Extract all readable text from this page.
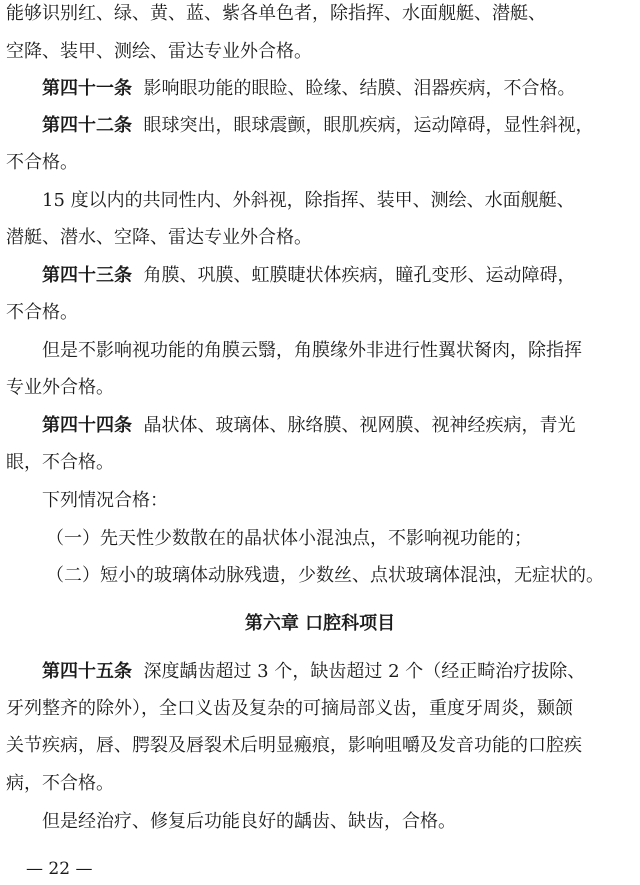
能够识别红、绿、黄、蓝、紫各单色者，除指挥、水面舰艇、潜艇、
空降、装甲、测绘、雷达专业外合格。
第四十一条 影响眼功能的眼睑、睑缘、结膜、泪器疾病，不合格。
第四十二条 眼球突出，眼球震颤，眼肌疾病，运动障碍，显性斜视，
不合格。
15 度以内的共同性内、外斜视，除指挥、装甲、测绘、水面舰艇、
潜艇、潜水、空降、雷达专业外合格。
第四十三条 角膜、巩膜、虹膜睫状体疾病，瞳孔变形、运动障碍，
不合格。
但是不影响视功能的角膜云翳，角膜缘外非进行性翼状胬肉，除指挥
专业外合格。
第四十四条 晶状体、玻璃体、脉络膜、视网膜、视神经疾病，青光
眼，不合格。
下列情况合格：
（一）先天性少数散在的晶状体小混浊点，不影响视功能的；
（二）短小的玻璃体动脉残遗，少数丝、点状玻璃体混浊，无症状的。
第六章 口腔科项目
第四十五条 深度龋齿超过 3 个，缺齿超过 2 个（经正畸治疗拔除、
牙列整齐的除外），全口义齿及复杂的可摘局部义齿，重度牙周炎，颞颌
关节疾病，唇、腭裂及唇裂术后明显瘢痕，影响咀嚼及发音功能的口腔疾
病，不合格。
但是经治疗、修复后功能良好的龋齿、缺齿，合格。
— 22 —
